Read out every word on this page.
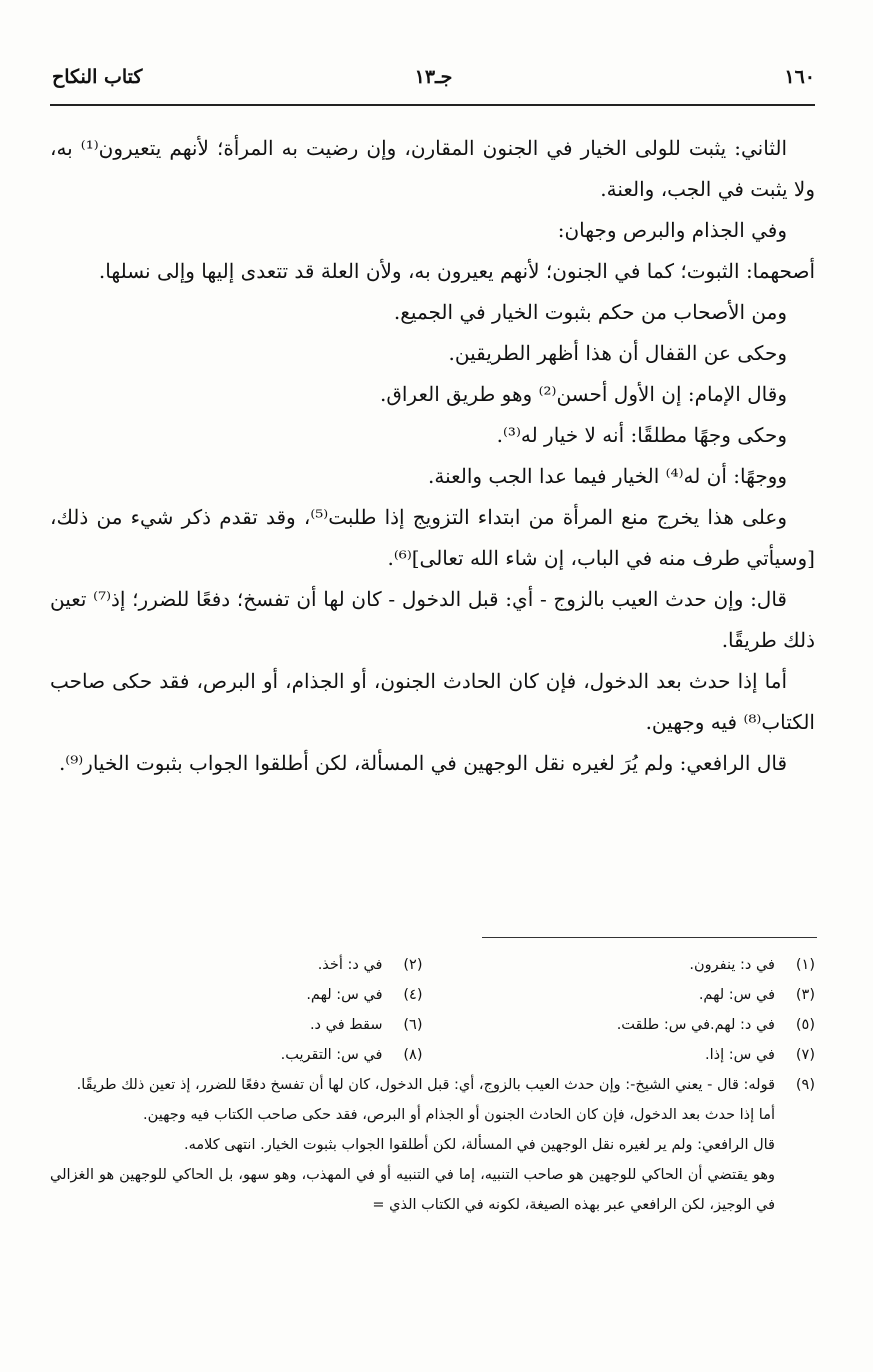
١٦٠
جـ١٣
كتاب النكاح

الثاني: يثبت للولى الخيار في الجنون المقارن، وإن رضيت به المرأة؛ لأنهم يتعيرون⁽¹⁾ به، ولا يثبت في الجب، والعنة.

وفي الجذام والبرص وجهان:

أصحهما: الثبوت؛ كما في الجنون؛ لأنهم يعيرون به، ولأن العلة قد تتعدى إليها وإلى نسلها.

ومن الأصحاب من حكم بثبوت الخيار في الجميع.

وحكى عن القفال أن هذا أظهر الطريقين.

وقال الإمام: إن الأول أحسن⁽²⁾ وهو طريق العراق.

وحكى وجهًا مطلقًا: أنه لا خيار له⁽³⁾.

ووجهًا: أن له⁽⁴⁾ الخيار فيما عدا الجب والعنة.

وعلى هذا يخرج منع المرأة من ابتداء التزويج إذا طلبت⁽⁵⁾، وقد تقدم ذكر شيء من ذلك، [وسيأتي طرف منه في الباب، إن شاء الله تعالى]⁽⁶⁾.

قال: وإن حدث العيب بالزوج - أي: قبل الدخول - كان لها أن تفسخ؛ دفعًا للضرر؛ إذ⁽⁷⁾ تعين ذلك طريقًا.

أما إذا حدث بعد الدخول، فإن كان الحادث الجنون، أو الجذام، أو البرص، فقد حكى صاحب الكتاب⁽⁸⁾ فيه وجهين.

قال الرافعي: ولم يُرَ لغيره نقل الوجهين في المسألة، لكن أطلقوا الجواب بثبوت الخيار⁽⁹⁾.

(١)
في د: ينفرون.
(٢)
في د: أخذ.
(٣)
في س: لهم.
(٤)
في س: لهم.
(٥)
في د: لهم.في س: طلقت.
(٦)
سقط في د.
(٧)
في س: إذا.
(٨)
في س: التقريب.
(٩)
قوله: قال - يعني الشيخ-: وإن حدث العيب بالزوج، أي: قبل الدخول، كان لها أن تفسخ دفعًا للضرر، إذ تعين ذلك طريقًا.
أما إذا حدث بعد الدخول، فإن كان الحادث الجنون أو الجذام أو البرص، فقد حكى صاحب الكتاب فيه وجهين.
قال الرافعي: ولم ير لغيره نقل الوجهين في المسألة، لكن أطلقوا الجواب بثبوت الخيار. انتهى كلامه.
وهو يقتضي أن الحاكي للوجهين هو صاحب التنبيه، إما في التنبيه أو في المهذب، وهو سهو، بل الحاكي للوجهين هو الغزالي في الوجيز، لكن الرافعي عبر بهذه الصيغة، لكونه في الكتاب الذي =
